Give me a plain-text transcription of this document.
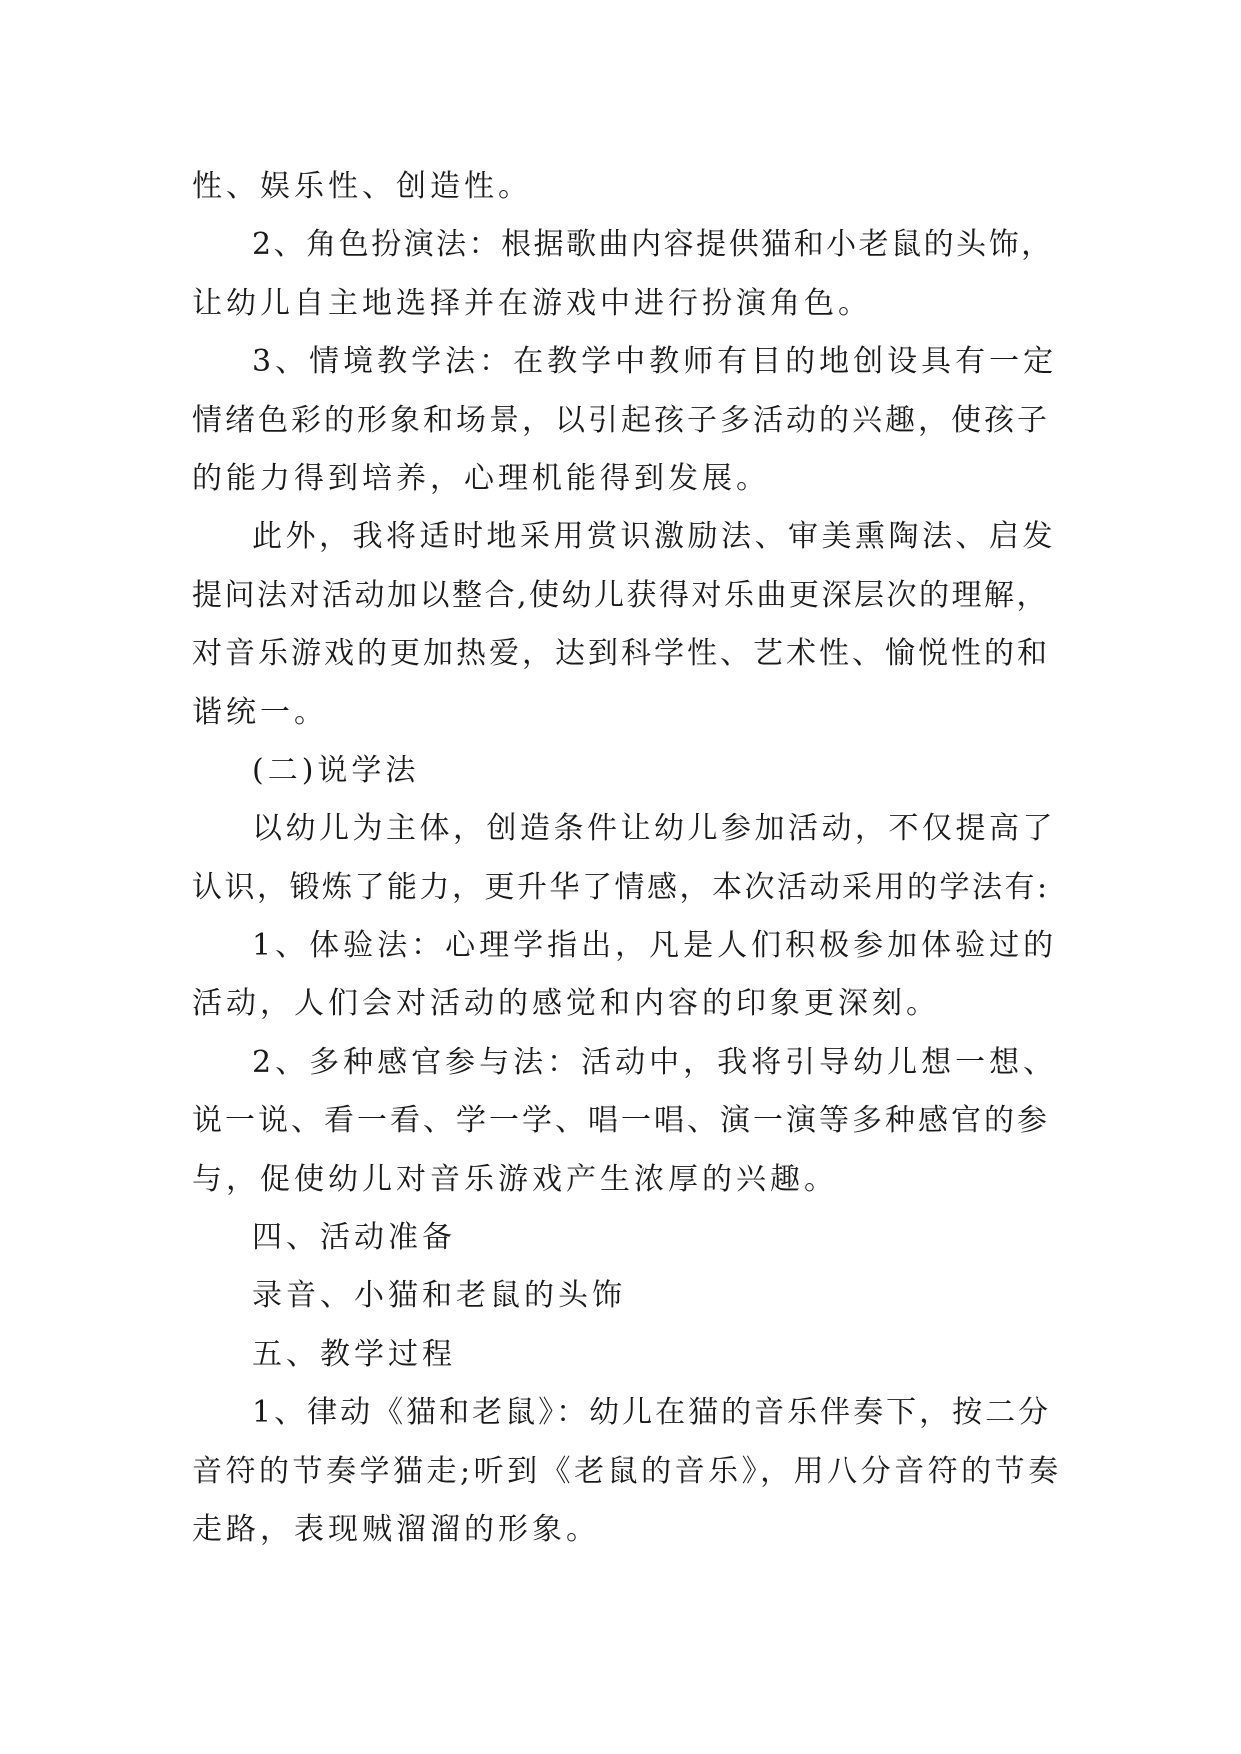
性、娱乐性、创造性。
2、角色扮演法：根据歌曲内容提供猫和小老鼠的头饰，
让幼儿自主地选择并在游戏中进行扮演角色。
3、情境教学法：在教学中教师有目的地创设具有一定
情绪色彩的形象和场景，以引起孩子多活动的兴趣，使孩子
的能力得到培养，心理机能得到发展。
此外，我将适时地采用赏识激励法、审美熏陶法、启发
提问法对活动加以整合,使幼儿获得对乐曲更深层次的理解，
对音乐游戏的更加热爱，达到科学性、艺术性、愉悦性的和
谐统一。
(二)说学法
以幼儿为主体，创造条件让幼儿参加活动，不仅提高了
认识，锻炼了能力，更升华了情感，本次活动采用的学法有:
1、体验法：心理学指出，凡是人们积极参加体验过的
活动，人们会对活动的感觉和内容的印象更深刻。
2、多种感官参与法：活动中，我将引导幼儿想一想、
说一说、看一看、学一学、唱一唱、演一演等多种感官的参
与，促使幼儿对音乐游戏产生浓厚的兴趣。
四、活动准备
录音、小猫和老鼠的头饰
五、教学过程
1、律动《猫和老鼠》：幼儿在猫的音乐伴奏下，按二分
音符的节奏学猫走;听到《老鼠的音乐》，用八分音符的节奏
走路，表现贼溜溜的形象。
